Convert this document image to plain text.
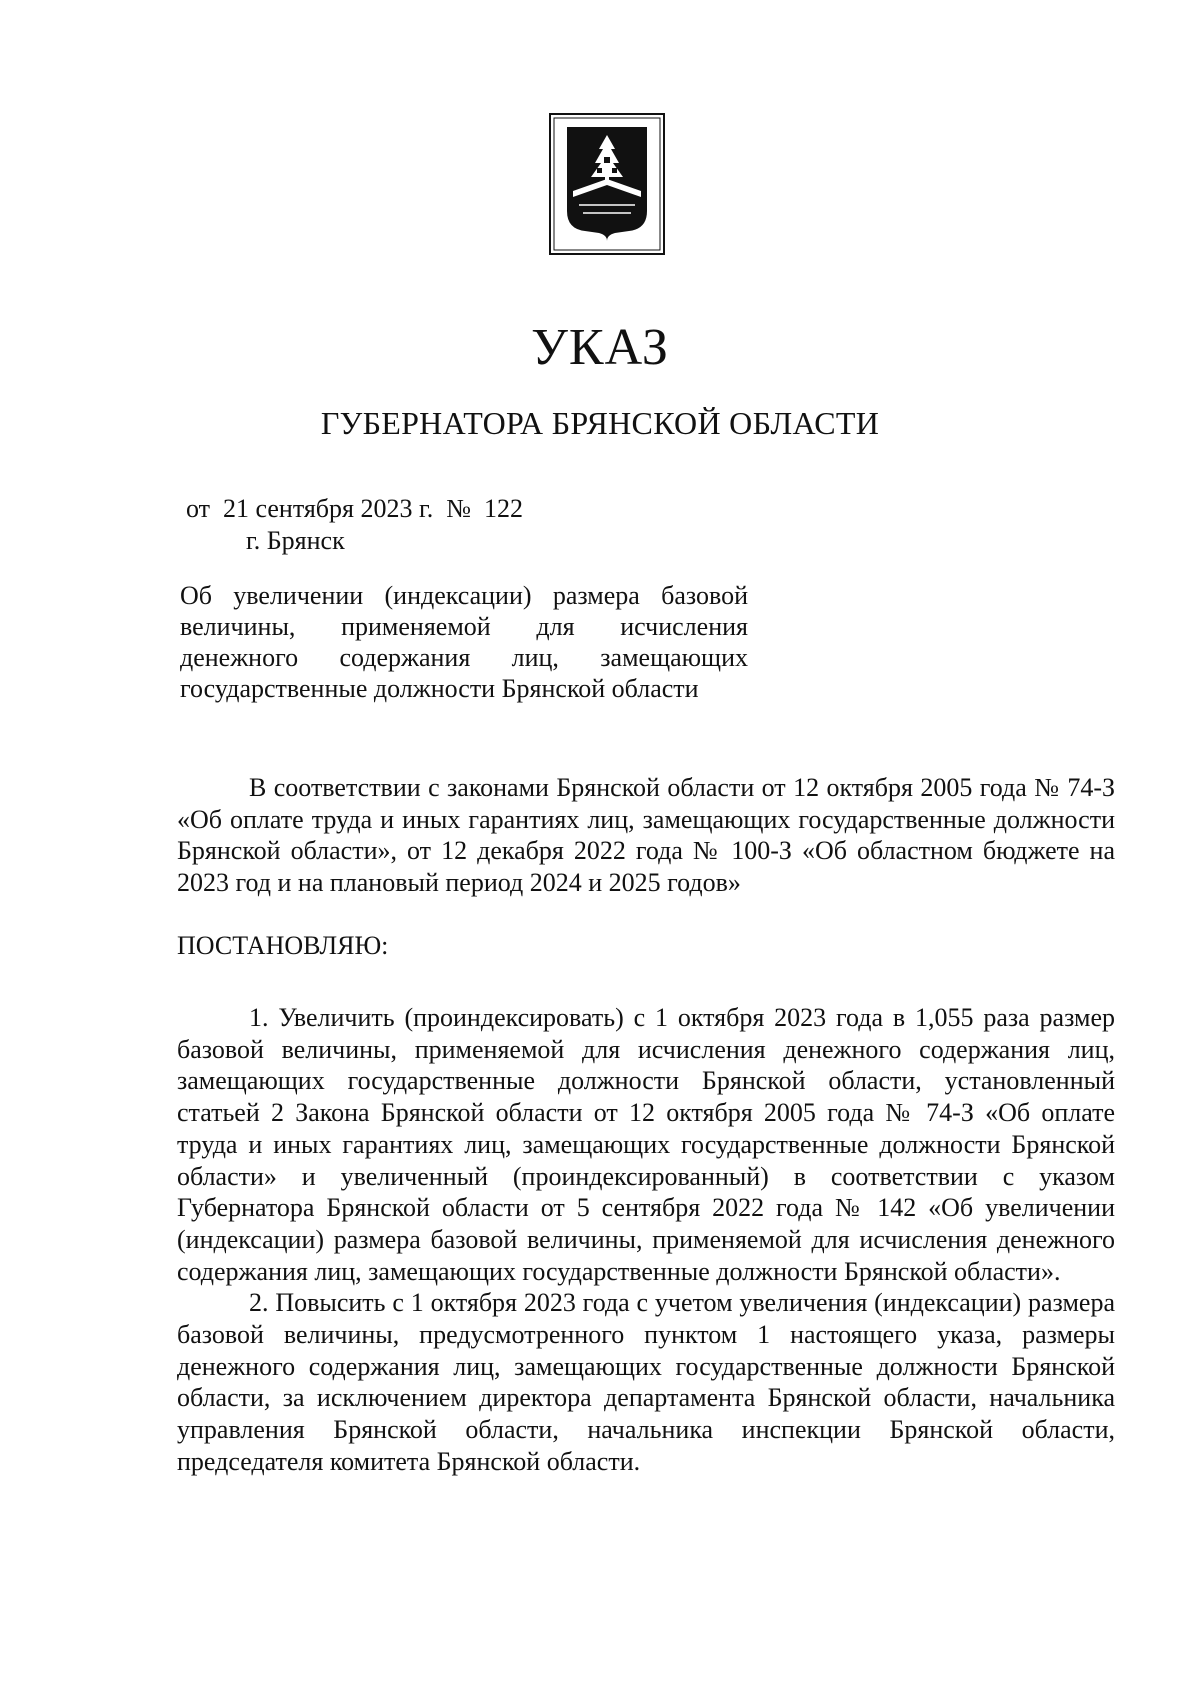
УКАЗ
ГУБЕРНАТОРА БРЯНСКОЙ ОБЛАСТИ
от  21 сентября 2023 г.  №  122
г. Брянск
Об увеличении (индексации) размера базовой величины, применяемой для исчисления денежного содержания лиц, замещающих государственные должности Брянской области

В соответствии с законами Брянской области от 12 октября 2005 года № 74-З «Об оплате труда и иных гарантиях лиц, замещающих государственные должности Брянской области», от 12 декабря 2022 года № 100-З «Об областном бюджете на 2023 год и на плановый период 2024 и 2025 годов»

ПОСТАНОВЛЯЮ:

1. Увеличить (проиндексировать) с 1 октября 2023 года в 1,055 раза размер базовой величины, применяемой для исчисления денежного содержания лиц, замещающих государственные должности Брянской области, установленный статьей 2 Закона Брянской области от 12 октября 2005 года № 74-З «Об оплате труда и иных гарантиях лиц, замещающих государственные должности Брянской области» и увеличенный (проиндексированный) в соответствии с указом Губернатора Брянской области от 5 сентября 2022 года № 142 «Об увеличении (индексации) размера базовой величины, применяемой для исчисления денежного содержания лиц, замещающих государственные должности Брянской области».

2. Повысить с 1 октября 2023 года с учетом увеличения (индексации) размера базовой величины, предусмотренного пунктом 1 настоящего указа, размеры денежного содержания лиц, замещающих государственные должности Брянской области, за исключением директора департамента Брянской области, начальника управления Брянской области, начальника инспекции Брянской области, председателя комитета Брянской области.
